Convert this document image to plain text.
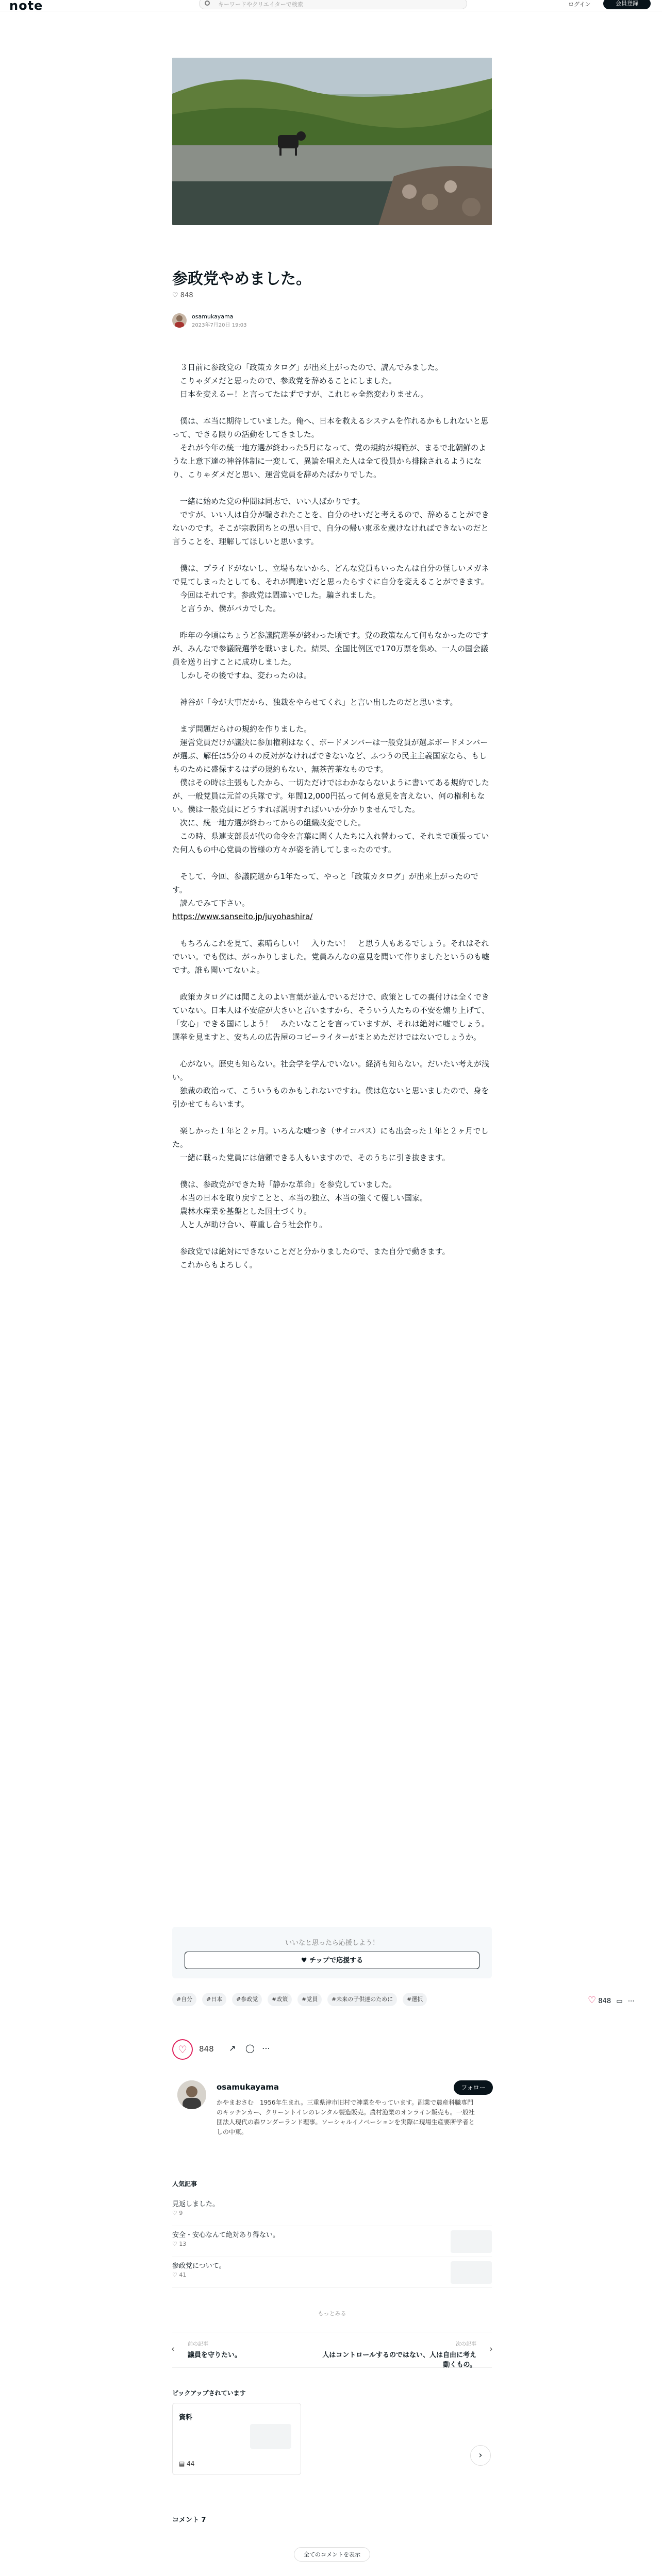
note	キーワードやクリエイターで検索	ログイン	会員登録
参政党やめました。
♡ 848
osamukayama
2023年7月20日 19:03

　３日前に参政党の「政策カタログ」が出来上がったので、読んでみました。
　こりゃダメだと思ったので、参政党を辞めることにしました。
　日本を変えるー！と言ってたはずですが、これじゃ全然変わりません。

　僕は、本当に期待していました。俺へ、日本を救えるシステムを作れるかもしれないと思って、できる限りの活動をしてきました。
　それが今年の統一地方選が終わった5月になって、党の規約が規範が、まるで北朝鮮のような上意下達の神谷体制に一変して、異論を唱えた人は全て役員から排除されるようになり、こりゃダメだと思い、運営党員を辞めたばかりでした。

　一緒に始めた党の仲間は同志で、いい人ばかりです。
　ですが、いい人は自分が騙されたことを、自分のせいだと考えるので、辞めることができないのです。そこが宗教团ちとの思い目で、自分の帰い東丞を歳けなければできないのだと言うことを、理解してほしいと思います。

　僕は、プライドがないし、立場もないから、どんな党員もいったんは自分の怪しいメガネで見てしまったとしても、それが間違いだと思ったらすぐに自分を変えることができます。
　今回はそれです。参政党は間違いでした。騙されました。
　と言うか、僕がバカでした。

　昨年の今頃はちょうど参議院選挙が終わった頃です。党の政策なんて何もなかったのですが、みんなで参議院選挙を戦いました。結果、全国比例区で170万票を集め、一人の国会議員を送り出すことに成功しました。
　しかしその後ですね、変わったのは。

　神谷が「今が大事だから、独裁をやらせてくれ」と言い出したのだと思います。

　まず問題だらけの規約を作りました。
　運営党員だけが議決に参加権利はなく、ボードメンバーは一般党員が選ぶボードメンバーが選ぶ、解任は5分の４の反対がなければできないなど、ふつうの民主主義国家なら、もしものために盛保するはずの規約もない、無茶苦茶なものです。
　僕はその時は主張もしたから、一切ただけではわかならないように書いてある規約でしたが、一般党員は元首の兵隊です。年間12,000円払って何も意見を言えない、何の権利もない。僕は一般党員にどうすれば説明すればいいか分かりませんでした。
　次に、統一地方選が終わってからの組織改変でした。
　この時、県連支部長が代の命令を言葉に聞く人たちに入れ替わって、それまで頑張っていた何人もの中心党員の皆様の方々が姿を消してしまったのです。

　そして、今回、参議院選から1年たって、やっと「政策カタログ」が出来上がったのです。
　読んでみて下さい。

https://www.sanseito.jp/juyohashira/

　もちろんこれを見て、素晴らしい！　入りたい！　と思う人もあるでしょう。それはそれでいい。でも僕は、がっかりしました。党員みんなの意見を聞いて作りましたというのも嘘です。誰も聞いてないよ。

　政策カタログには聞こえのよい言葉が並んでいるだけで、政策としての裏付けは全くできていない。日本人は不安症が大きいと言いますから、そういう人たちの不安を煽り上げて、「安心」できる国にしよう！　みたいなことを言っていますが、それは絶対に嘘でしょう。選挙を見ますと、安ちんの広告屋のコピーライターがまとめただけではないでしょうか。

　心がない。歴史も知らない。社会学を学んでいない。経済も知らない。だいたい考えが浅い。
　独裁の政治って、こういうものかもしれないですね。僕は危ないと思いましたので、身を引かせてもらいます。

　楽しかった１年と２ヶ月。いろんな嘘つき（サイコパス）にも出会った１年と２ヶ月でした。
　一緒に戦った党員には信頼できる人もいますので、そのうちに引き抜きます。

　僕は、参政党ができた時「静かな革命」を参党していました。
　本当の日本を取り戻すことと、本当の独立、本当の強くて優しい国家。
　農林水産業を基盤とした国土づくり。
　人と人が助け合い、尊重し合う社会作り。

　参政党では絶対にできないことだと分かりましたので、また自分で動きます。
　これからもよろしく。

いいなと思ったら応援しよう！
♥ チップで応援する
#自分 #日本 #参政党 #政策 #党員 #未来の子供達のために #選択	♡ 848 ▭ ⋯
♡	848 ↗ ◯ ⋯
osamukayama	フォロー
かやまおさむ　1956年生まれ。三重県津市旧村で神業をやっています。副業で農産科職専門のキッチンカー、クリーントイレのレンタル製造販売。農村漁業のオンライン販売も。一般社団法人現代の森ワンダーランド理事。ソーシャルイノベーションを実際に現場生産要所学者としの中東。
人気記事
見返しました。
♡ 9
安全・安心なんて絶対あり得ない。
♡ 13
参政党について。
♡ 41
もっとみる
‹ 前の記事
議員を守りたい。
次の記事
人はコントロールするのではない、人は自由に考え動くもの。
›
ピックアップされています
資料
▤ 44
›
コメント 7
全てのコメントを表示
